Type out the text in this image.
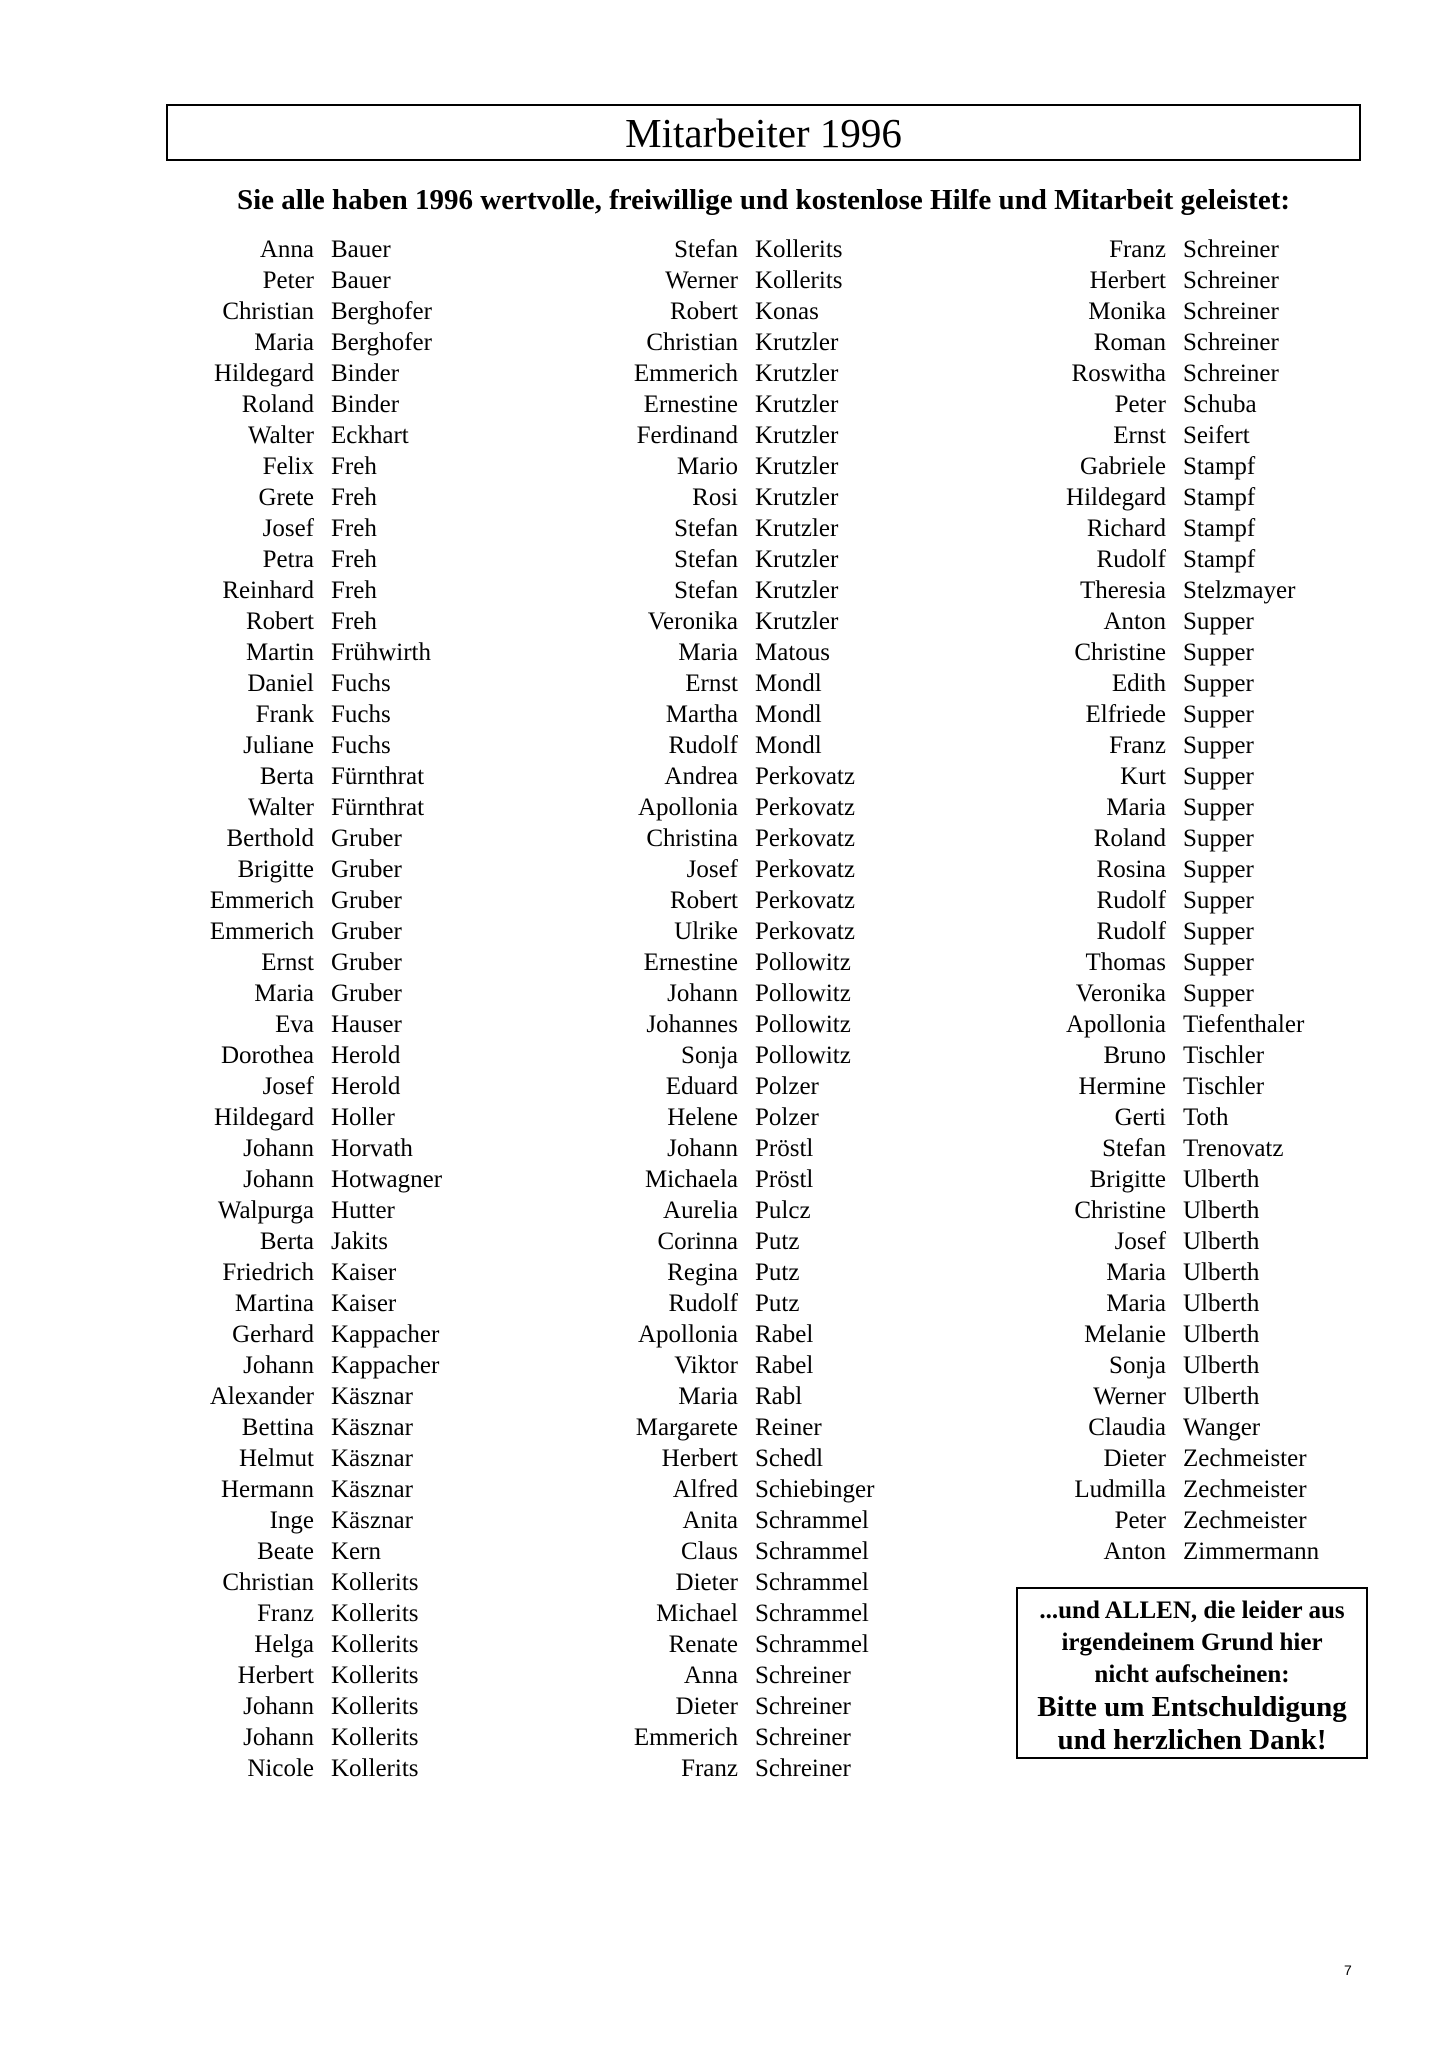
Mitarbeiter 1996
Sie alle haben 1996 wertvolle, freiwillige und kostenlose Hilfe und Mitarbeit geleistet:
Anna Bauer
Peter Bauer
Christian Berghofer
Maria Berghofer
Hildegard Binder
Roland Binder
Walter Eckhart
Felix Freh
Grete Freh
Josef Freh
Petra Freh
Reinhard Freh
Robert Freh
Martin Frühwirth
Daniel Fuchs
Frank Fuchs
Juliane Fuchs
Berta Fürnthrat
Walter Fürnthrat
Berthold Gruber
Brigitte Gruber
Emmerich Gruber
Emmerich Gruber
Ernst Gruber
Maria Gruber
Eva Hauser
Dorothea Herold
Josef Herold
Hildegard Holler
Johann Horvath
Johann Hotwagner
Walpurga Hutter
Berta Jakits
Friedrich Kaiser
Martina Kaiser
Gerhard Kappacher
Johann Kappacher
Alexander Käsznar
Bettina Käsznar
Helmut Käsznar
Hermann Käsznar
Inge Käsznar
Beate Kern
Christian Kollerits
Franz Kollerits
Helga Kollerits
Herbert Kollerits
Johann Kollerits
Johann Kollerits
Nicole Kollerits
Stefan Kollerits
Werner Kollerits
Robert Konas
Christian Krutzler
Emmerich Krutzler
Ernestine Krutzler
Ferdinand Krutzler
Mario Krutzler
Rosi Krutzler
Stefan Krutzler
Stefan Krutzler
Stefan Krutzler
Veronika Krutzler
Maria Matous
Ernst Mondl
Martha Mondl
Rudolf Mondl
Andrea Perkovatz
Apollonia Perkovatz
Christina Perkovatz
Josef Perkovatz
Robert Perkovatz
Ulrike Perkovatz
Ernestine Pollowitz
Johann Pollowitz
Johannes Pollowitz
Sonja Pollowitz
Eduard Polzer
Helene Polzer
Johann Pröstl
Michaela Pröstl
Aurelia Pulcz
Corinna Putz
Regina Putz
Rudolf Putz
Apollonia Rabel
Viktor Rabel
Maria Rabl
Margarete Reiner
Herbert Schedl
Alfred Schiebinger
Anita Schrammel
Claus Schrammel
Dieter Schrammel
Michael Schrammel
Renate Schrammel
Anna Schreiner
Dieter Schreiner
Emmerich Schreiner
Franz Schreiner
Franz Schreiner
Herbert Schreiner
Monika Schreiner
Roman Schreiner
Roswitha Schreiner
Peter Schuba
Ernst Seifert
Gabriele Stampf
Hildegard Stampf
Richard Stampf
Rudolf Stampf
Theresia Stelzmayer
Anton Supper
Christine Supper
Edith Supper
Elfriede Supper
Franz Supper
Kurt Supper
Maria Supper
Roland Supper
Rosina Supper
Rudolf Supper
Rudolf Supper
Thomas Supper
Veronika Supper
Apollonia Tiefenthaler
Bruno Tischler
Hermine Tischler
Gerti Toth
Stefan Trenovatz
Brigitte Ulberth
Christine Ulberth
Josef Ulberth
Maria Ulberth
Maria Ulberth
Melanie Ulberth
Sonja Ulberth
Werner Ulberth
Claudia Wanger
Dieter Zechmeister
Ludmilla Zechmeister
Peter Zechmeister
Anton Zimmermann
...und ALLEN, die leider aus
irgendeinem Grund hier
nicht aufscheinen:
Bitte um Entschuldigung
und herzlichen Dank!
7
